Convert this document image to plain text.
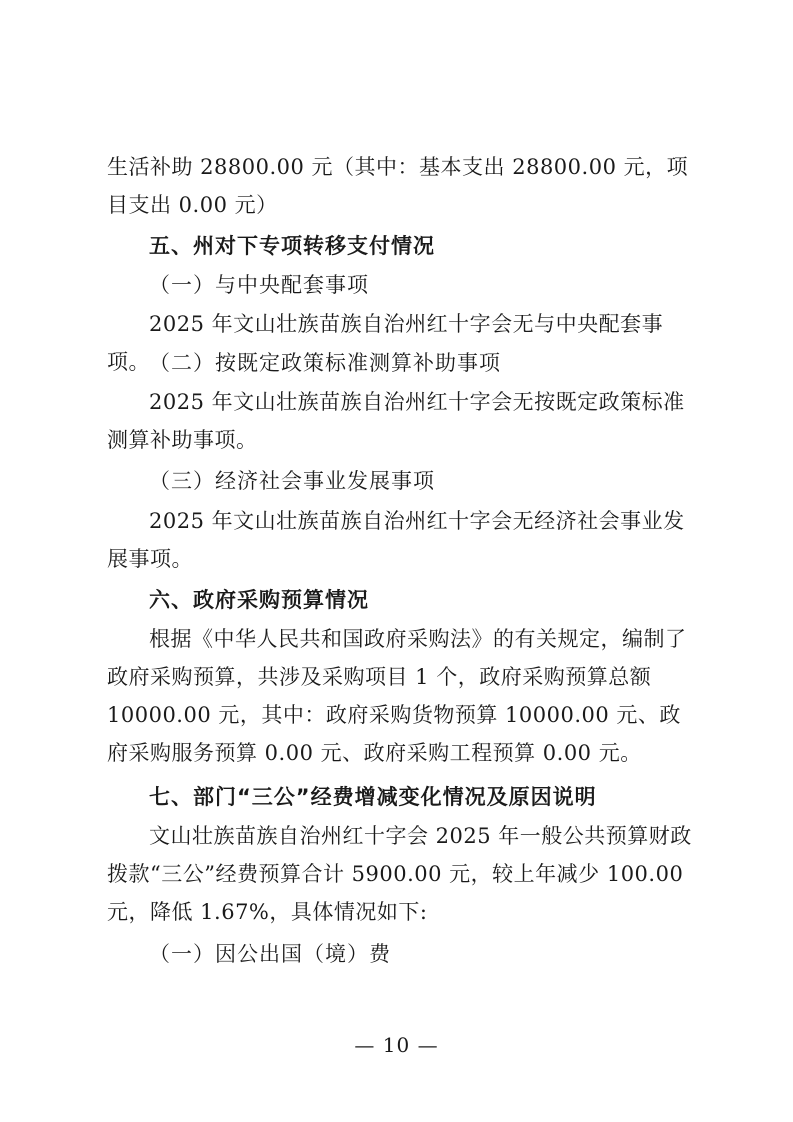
生活补助 28800.00 元（其中：基本支出 28800.00 元，项目支出 0.00 元）

五、州对下专项转移支付情况

（一）与中央配套事项

2025 年文山壮族苗族自治州红十字会无与中央配套事项。 （二）按既定政策标准测算补助事项

2025 年文山壮族苗族自治州红十字会无按既定政策标准测算补助事项。

（三）经济社会事业发展事项

2025 年文山壮族苗族自治州红十字会无经济社会事业发展事项。

六、政府采购预算情况

根据《中华人民共和国政府采购法》的有关规定，编制了政府采购预算，共涉及采购项目 1 个，政府采购预算总额 10000.00 元，其中：政府采购货物预算 10000.00 元、政府采购服务预算 0.00 元、政府采购工程预算 0.00 元。

七、部门“三公”经费增减变化情况及原因说明

文山壮族苗族自治州红十字会 2025 年一般公共预算财政拨款“三公”经费预算合计 5900.00 元，较上年减少 100.00 元，降低 1.67%，具体情况如下:

（一）因公出国（境）费

— 10 —
